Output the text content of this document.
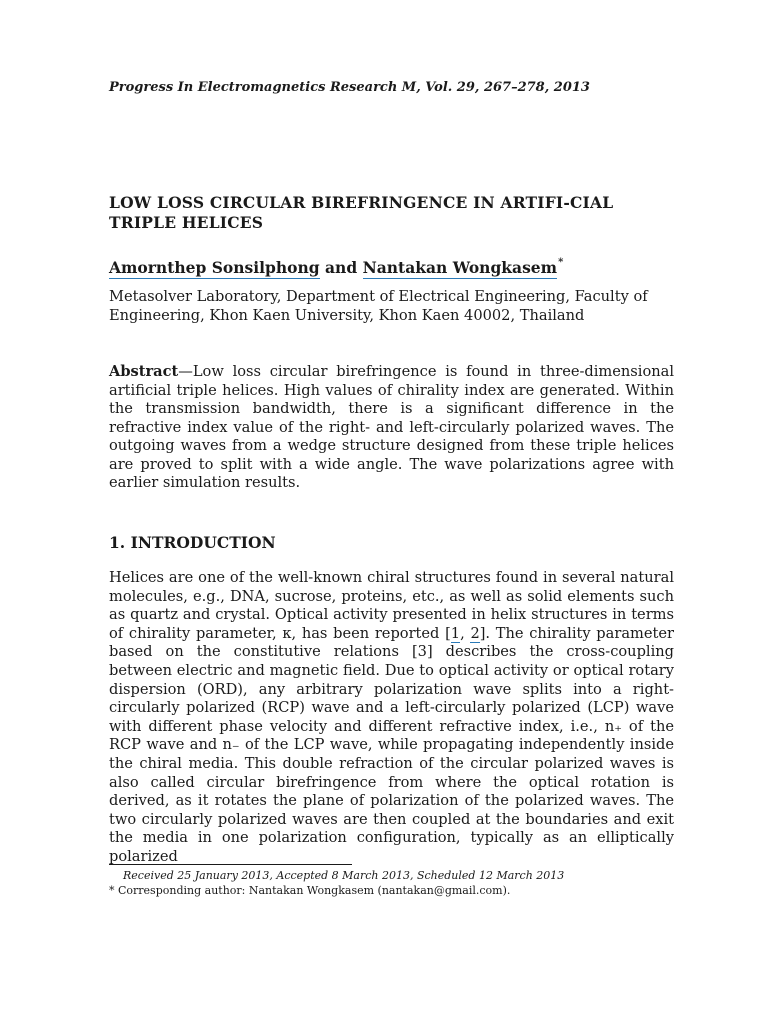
Progress In Electromagnetics Research M, Vol. 29, 267–278, 2013
LOW LOSS CIRCULAR BIREFRINGENCE IN ARTIFI-CIAL TRIPLE HELICES
Amornthep Sonsilphong and Nantakan Wongkasem*
Metasolver Laboratory, Department of Electrical Engineering, Faculty of Engineering, Khon Kaen University, Khon Kaen 40002, Thailand
Abstract—Low loss circular birefringence is found in three-dimensional artificial triple helices. High values of chirality index are generated. Within the transmission bandwidth, there is a significant difference in the refractive index value of the right- and left-circularly polarized waves. The outgoing waves from a wedge structure designed from these triple helices are proved to split with a wide angle. The wave polarizations agree with earlier simulation results.
1. INTRODUCTION
Helices are one of the well-known chiral structures found in several natural molecules, e.g., DNA, sucrose, proteins, etc., as well as solid elements such as quartz and crystal. Optical activity presented in helix structures in terms of chirality parameter, κ, has been reported [1, 2]. The chirality parameter based on the constitutive relations [3] describes the cross-coupling between electric and magnetic field. Due to optical activity or optical rotary dispersion (ORD), any arbitrary polarization wave splits into a right-circularly polarized (RCP) wave and a left-circularly polarized (LCP) wave with different phase velocity and different refractive index, i.e., n₊ of the RCP wave and n₋ of the LCP wave, while propagating independently inside the chiral media. This double refraction of the circular polarized waves is also called circular birefringence from where the optical rotation is derived, as it rotates the plane of polarization of the polarized waves. The two circularly polarized waves are then coupled at the boundaries and exit the media in one polarization configuration, typically as an elliptically polarized
Received 25 January 2013, Accepted 8 March 2013, Scheduled 12 March 2013
* Corresponding author: Nantakan Wongkasem (nantakan@gmail.com).
